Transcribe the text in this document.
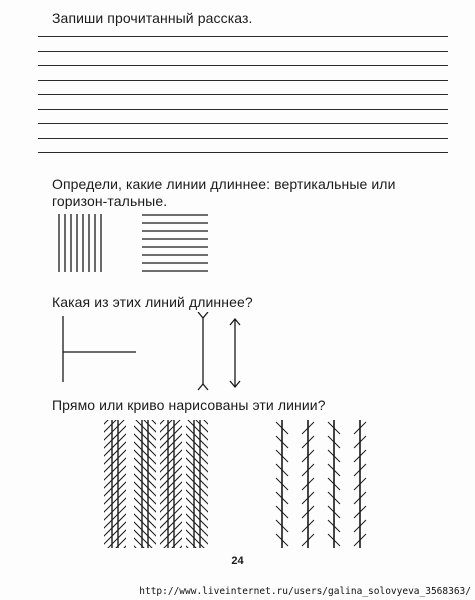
Запиши прочитанный рассказ.

Определи, какие линии длиннее: вертикальные или горизон-тальные.

Какая из этих линий длиннее?

Прямо или криво нарисованы эти линии?

24
http://www.liveinternet.ru/users/galina_solovyeva_3568363/
